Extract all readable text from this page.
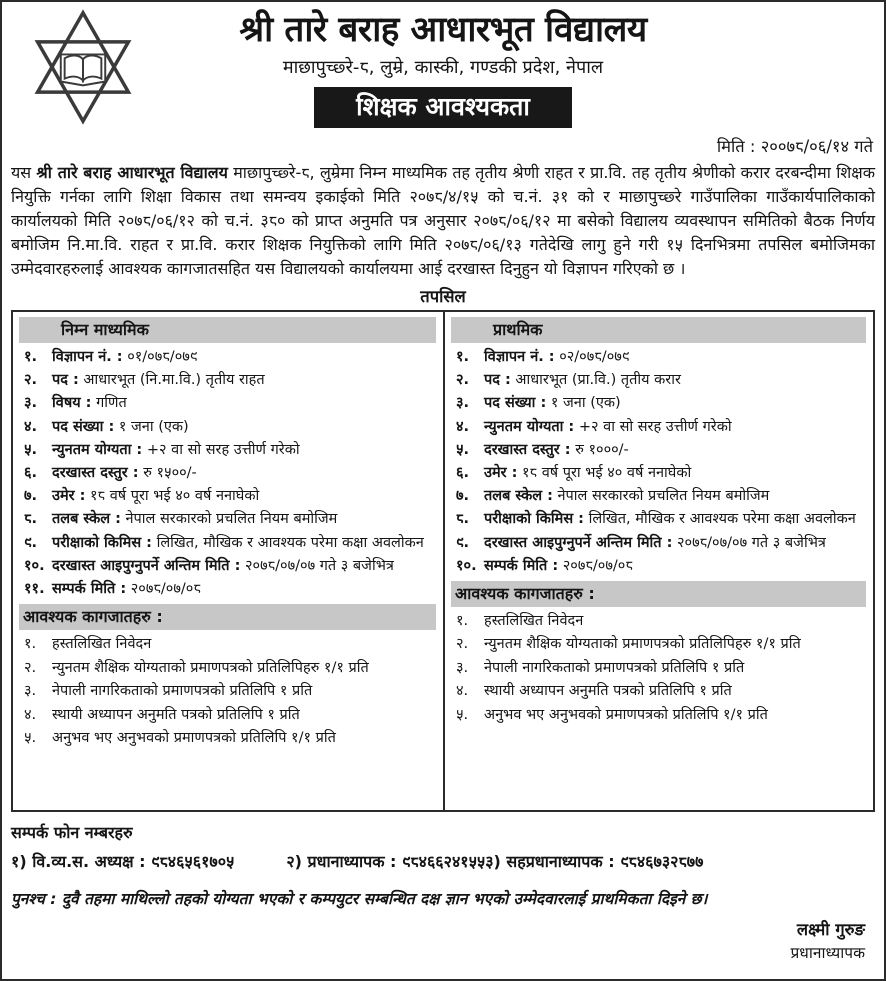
श्री तारे बराह आधारभूत विद्यालय
माछापुच्छ्रे-८, लुम्रे, कास्की, गण्डकी प्रदेश, नेपाल
शिक्षक आवश्यकता
मिति : २००७८/०६/१४ गते

यस श्री तारे बराह आधारभूत विद्यालय माछापुच्छ्रे-८, लुम्रेमा निम्न माध्यमिक तह तृतीय श्रेणी राहत र प्रा.वि. तह तृतीय श्रेणीको करार दरबन्दीमा शिक्षक नियुक्ति गर्नका लागि शिक्षा विकास तथा समन्वय इकाईको मिति २०७८/४/१५ को च.नं. ३१ को र माछापुच्छ्रे गाउँपालिका गाउँकार्यपालिकाको कार्यालयको मिति २०७८/०६/१२ को च.नं. ३८० को प्राप्त अनुमति पत्र अनुसार २०७८/०६/१२ मा बसेको विद्यालय व्यवस्थापन समितिको बैठक निर्णय बमोजिम नि.मा.वि. राहत र प्रा.वि. करार शिक्षक नियुक्तिको लागि मिति २०७८/०६/१३ गतेदेखि लागु हुने गरी १५ दिनभित्रमा तपसिल बमोजिमका उम्मेदवारहरुलाई आवश्यक कागजातसहित यस विद्यालयको कार्यालयमा आई दरखास्त दिनुहुन यो विज्ञापन गरिएको छ ।

तपसिल
निम्न माध्यमिक
१.	विज्ञापन नं. : ०१/०७८/०७९
२.	पद : आधारभूत (नि.मा.वि.) तृतीय राहत
३.	विषय : गणित
४.	पद संख्या : १ जना (एक)
५.	न्युनतम योग्यता : +२ वा सो सरह उत्तीर्ण गरेको
६.	दरखास्त दस्तुर : रु १५००/-
७.	उमेर : १८ वर्ष पूरा भई ४० वर्ष ननाघेको
८.	तलब स्केल : नेपाल सरकारको प्रचलित नियम बमोजिम
९.	परीक्षाको किमिस : लिखित, मौखिक र आवश्यक परेमा कक्षा अवलोकन
१०. दरखास्त आइपुग्नुपर्ने अन्तिम मिति : २०७८/०७/०७ गते ३ बजेभित्र
११. सम्पर्क मिति : २०७८/०७/०८
आवश्यक कागजातहरु :
१.	हस्तलिखित निवेदन
२.	न्युनतम शैक्षिक योग्यताको प्रमाणपत्रको प्रतिलिपिहरु १/१ प्रति
३.	नेपाली नागरिकताको प्रमाणपत्रको प्रतिलिपि १ प्रति
४.	स्थायी अध्यापन अनुमति पत्रको प्रतिलिपि १ प्रति
५.	अनुभव भए अनुभवको प्रमाणपत्रको प्रतिलिपि १/१ प्रति
प्राथमिक
१.	विज्ञापन नं. : ०२/०७८/०७९
२.	पद : आधारभूत (प्रा.वि.) तृतीय करार
३.	पद संख्या : १ जना (एक)
४.	न्युनतम योग्यता : +२ वा सो सरह उत्तीर्ण गरेको
५.	दरखास्त दस्तुर : रु १०००/-
६.	उमेर : १८ वर्ष पूरा भई ४० वर्ष ननाघेको
७.	तलब स्केल : नेपाल सरकारको प्रचलित नियम बमोजिम
८.	परीक्षाको किमिस : लिखित, मौखिक र आवश्यक परेमा कक्षा अवलोकन
९.	दरखास्त आइपुग्नुपर्ने अन्तिम मिति : २०७८/०७/०७ गते ३ बजेभित्र
१०. सम्पर्क मिति : २०७८/०७/०८
आवश्यक कागजातहरु :
१.	हस्तलिखित निवेदन
२.	न्युनतम शैक्षिक योग्यताको प्रमाणपत्रको प्रतिलिपिहरु १/१ प्रति
३.	नेपाली नागरिकताको प्रमाणपत्रको प्रतिलिपि १ प्रति
४.	स्थायी अध्यापन अनुमति पत्रको प्रतिलिपि १ प्रति
५.	अनुभव भए अनुभवको प्रमाणपत्रको प्रतिलिपि १/१ प्रति
सम्पर्क फोन नम्बरहरु
१) वि.व्य.स. अध्यक्ष : ९८४६५६१७०५	२) प्रधानाध्यापक : ९८४६६२४१५५ ३) सहप्रधानाध्यापक : ९८४६७३२८७७
पुनश्च : दुवै तहमा माथिल्लो तहको योग्यता भएको र कम्पयुटर सम्बन्धित दक्ष ज्ञान भएको उम्मेदवारलाई प्राथमिकता दिइने छ।
लक्ष्मी गुरुङ
प्रधानाध्यापक
